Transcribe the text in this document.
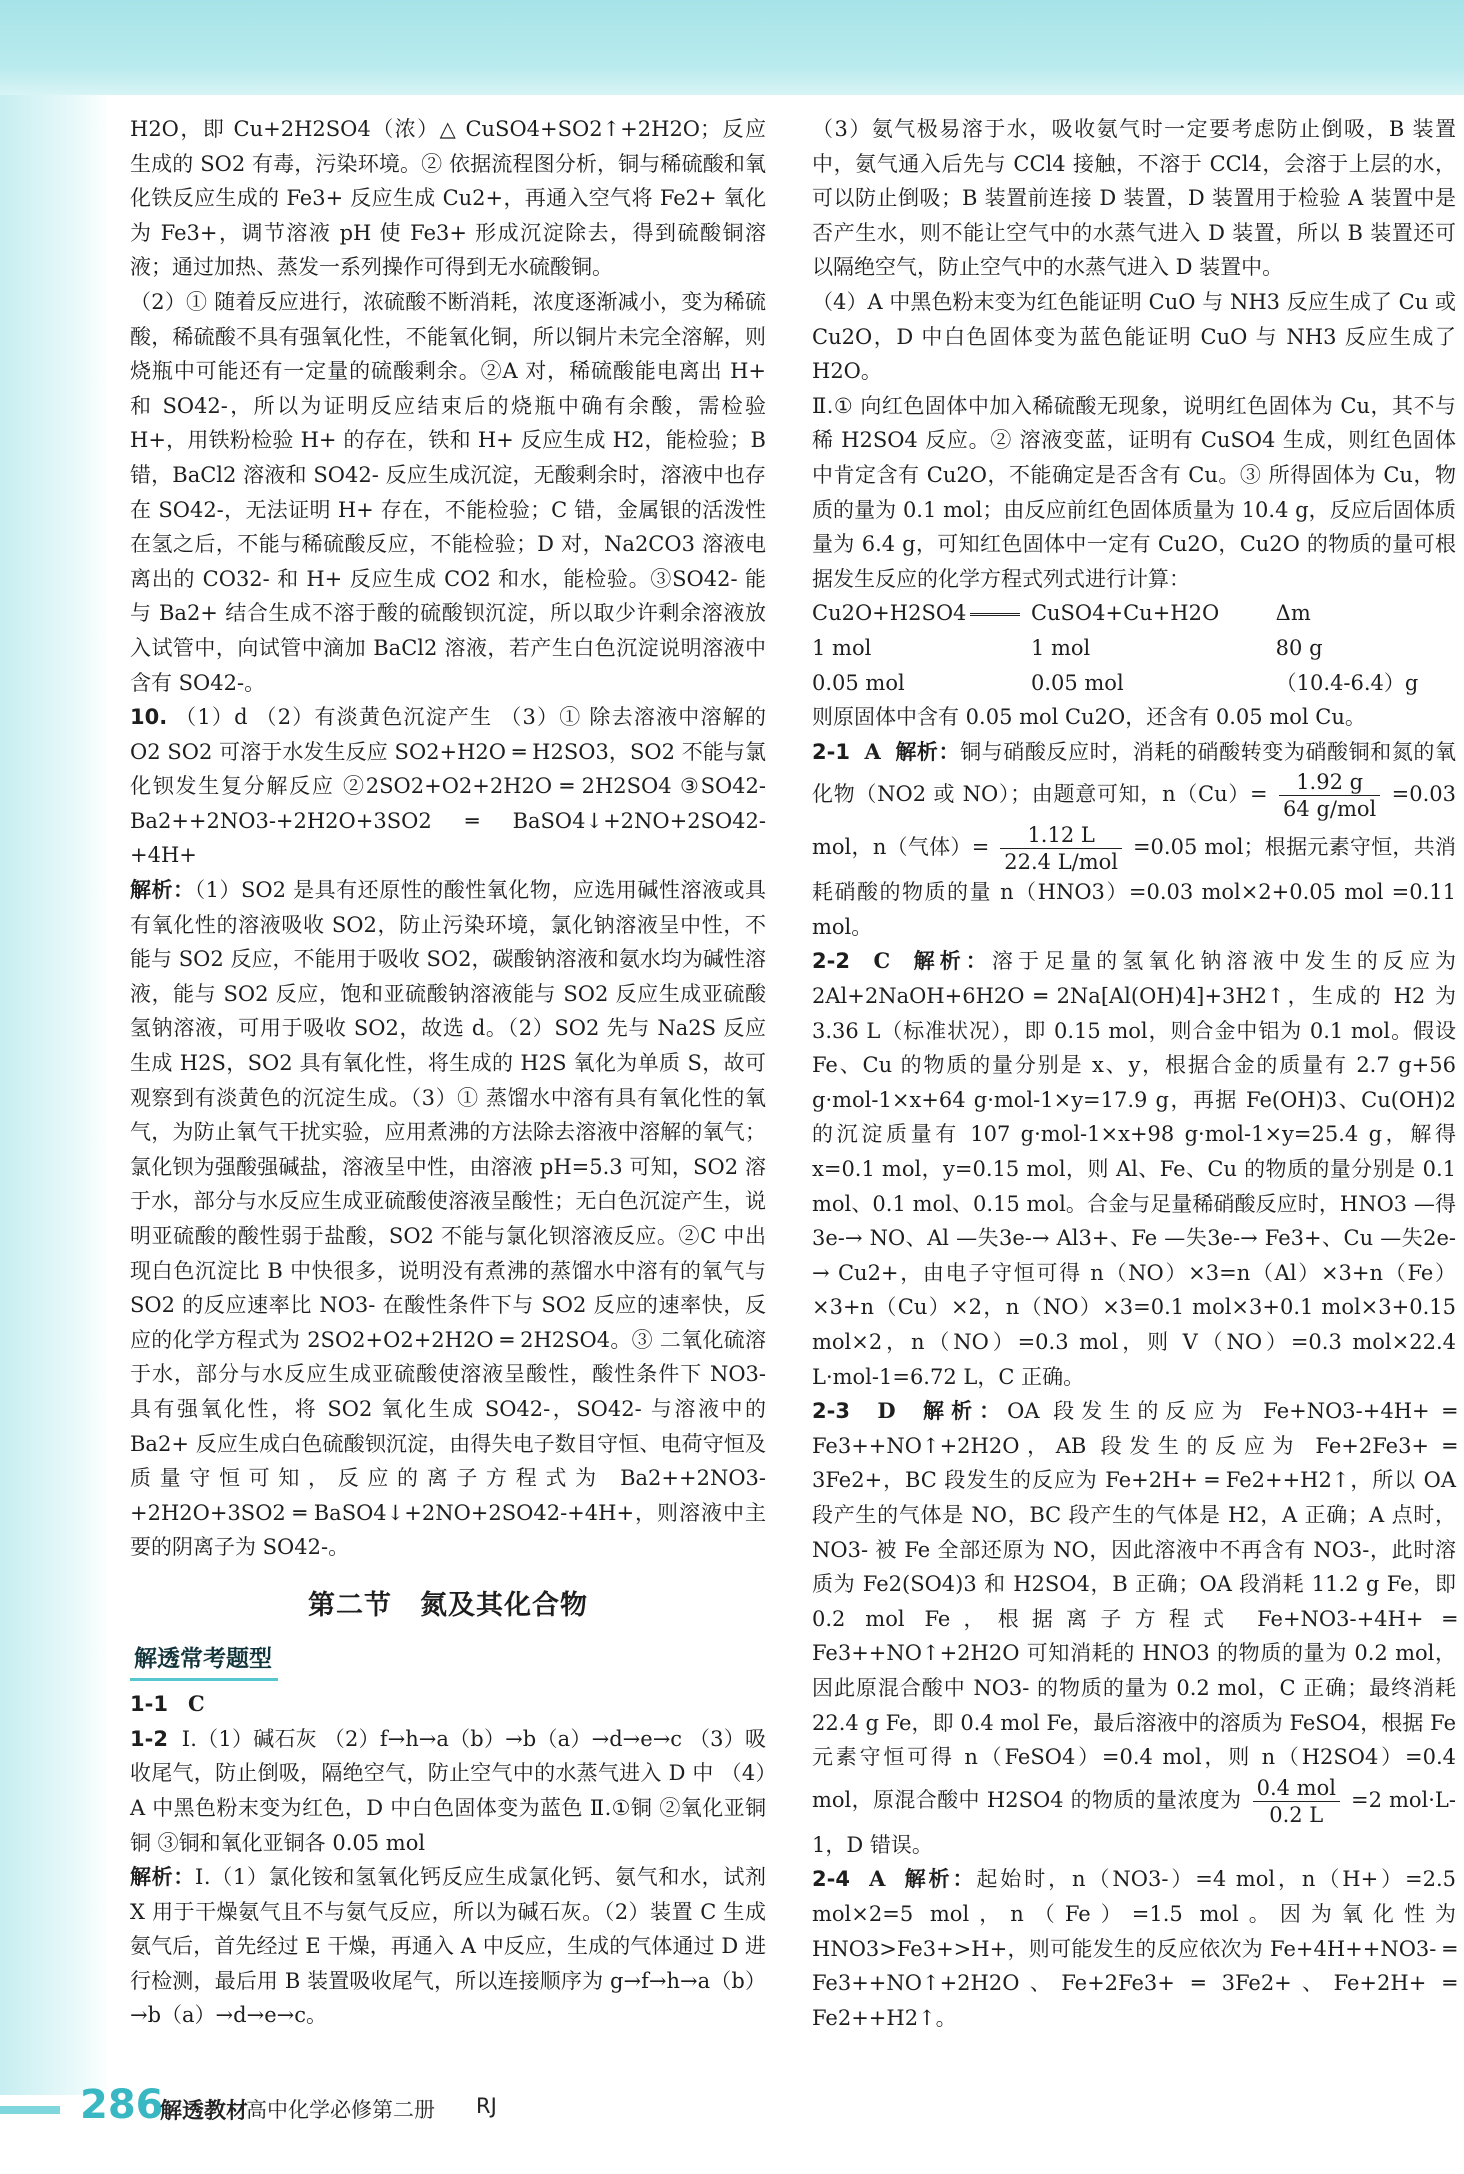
H2O，即 Cu+2H2SO4（浓）△ CuSO4+SO2↑+2H2O；反应生成的 SO2 有毒，污染环境。② 依据流程图分析，铜与稀硫酸和氧化铁反应生成的 Fe3+ 反应生成 Cu2+，再通入空气将 Fe2+ 氧化为 Fe3+，调节溶液 pH 使 Fe3+ 形成沉淀除去，得到硫酸铜溶液；通过加热、蒸发一系列操作可得到无水硫酸铜。

（2）① 随着反应进行，浓硫酸不断消耗，浓度逐渐减小，变为稀硫酸，稀硫酸不具有强氧化性，不能氧化铜，所以铜片未完全溶解，则烧瓶中可能还有一定量的硫酸剩余。②A 对，稀硫酸能电离出 H+ 和 SO42-，所以为证明反应结束后的烧瓶中确有余酸，需检验 H+，用铁粉检验 H+ 的存在，铁和 H+ 反应生成 H2，能检验；B 错，BaCl2 溶液和 SO42- 反应生成沉淀，无酸剩余时，溶液中也存在 SO42-，无法证明 H+ 存在，不能检验；C 错，金属银的活泼性在氢之后，不能与稀硫酸反应，不能检验；D 对，Na2CO3 溶液电离出的 CO32- 和 H+ 反应生成 CO2 和水，能检验。③SO42- 能与 Ba2+ 结合生成不溶于酸的硫酸钡沉淀，所以取少许剩余溶液放入试管中，向试管中滴加 BaCl2 溶液，若产生白色沉淀说明溶液中含有 SO42-。

10. （1）d （2）有淡黄色沉淀产生 （3）① 除去溶液中溶解的 O2 SO2 可溶于水发生反应 SO2+H2O ═ H2SO3，SO2 不能与氯化钡发生复分解反应 ②2SO2+O2+2H2O ═ 2H2SO4 ③SO42- Ba2++2NO3-+2H2O+3SO2 ═ BaSO4↓+2NO+2SO42-+4H+

解析：（1）SO2 是具有还原性的酸性氧化物，应选用碱性溶液或具有氧化性的溶液吸收 SO2，防止污染环境，氯化钠溶液呈中性，不能与 SO2 反应，不能用于吸收 SO2，碳酸钠溶液和氨水均为碱性溶液，能与 SO2 反应，饱和亚硫酸钠溶液能与 SO2 反应生成亚硫酸氢钠溶液，可用于吸收 SO2，故选 d。（2）SO2 先与 Na2S 反应生成 H2S，SO2 具有氧化性，将生成的 H2S 氧化为单质 S，故可观察到有淡黄色的沉淀生成。（3）① 蒸馏水中溶有具有氧化性的氧气，为防止氧气干扰实验，应用煮沸的方法除去溶液中溶解的氧气；氯化钡为强酸强碱盐，溶液呈中性，由溶液 pH=5.3 可知，SO2 溶于水，部分与水反应生成亚硫酸使溶液呈酸性；无白色沉淀产生，说明亚硫酸的酸性弱于盐酸，SO2 不能与氯化钡溶液反应。②C 中出现白色沉淀比 B 中快很多，说明没有煮沸的蒸馏水中溶有的氧气与 SO2 的反应速率比 NO3- 在酸性条件下与 SO2 反应的速率快，反应的化学方程式为 2SO2+O2+2H2O ═ 2H2SO4。③ 二氧化硫溶于水，部分与水反应生成亚硫酸使溶液呈酸性，酸性条件下 NO3- 具有强氧化性，将 SO2 氧化生成 SO42-，SO42- 与溶液中的 Ba2+ 反应生成白色硫酸钡沉淀，由得失电子数目守恒、电荷守恒及质量守恒可知，反应的离子方程式为 Ba2++2NO3-+2H2O+3SO2 ═ BaSO4↓+2NO+2SO42-+4H+，则溶液中主要的阴离子为 SO42-。

第二节　氮及其化合物
解透常考题型

1-1 C

1-2 Ⅰ.（1）碱石灰 （2）f→h→a（b）→b（a）→d→e→c （3）吸收尾气，防止倒吸，隔绝空气，防止空气中的水蒸气进入 D 中 （4）A 中黑色粉末变为红色，D 中白色固体变为蓝色 Ⅱ.①铜 ②氧化亚铜 铜 ③铜和氧化亚铜各 0.05 mol

解析：Ⅰ.（1）氯化铵和氢氧化钙反应生成氯化钙、氨气和水，试剂 X 用于干燥氨气且不与氨气反应，所以为碱石灰。（2）装置 C 生成氨气后，首先经过 E 干燥，再通入 A 中反应，生成的气体通过 D 进行检测，最后用 B 装置吸收尾气，所以连接顺序为 g→f→h→a（b）→b（a）→d→e→c。

（3）氨气极易溶于水，吸收氨气时一定要考虑防止倒吸，B 装置中，氨气通入后先与 CCl4 接触，不溶于 CCl4，会溶于上层的水，可以防止倒吸；B 装置前连接 D 装置，D 装置用于检验 A 装置中是否产生水，则不能让空气中的水蒸气进入 D 装置，所以 B 装置还可以隔绝空气，防止空气中的水蒸气进入 D 装置中。

（4）A 中黑色粉末变为红色能证明 CuO 与 NH3 反应生成了 Cu 或 Cu2O，D 中白色固体变为蓝色能证明 CuO 与 NH3 反应生成了 H2O。

Ⅱ.① 向红色固体中加入稀硫酸无现象，说明红色固体为 Cu，其不与稀 H2SO4 反应。② 溶液变蓝，证明有 CuSO4 生成，则红色固体中肯定含有 Cu2O，不能确定是否含有 Cu。③ 所得固体为 Cu，物质的量为 0.1 mol；由反应前红色固体质量为 10.4 g，反应后固体质量为 6.4 g，可知红色固体中一定有 Cu2O，Cu2O 的物质的量可根据发生反应的化学方程式列式进行计算：

Cu2O+H2SO4	CuSO4+Cu+H2O	Δm
1 mol	1 mol	80 g
0.05 mol	0.05 mol	（10.4-6.4）g

则原固体中含有 0.05 mol Cu2O，还含有 0.05 mol Cu。

2-1 A 解析：铜与硝酸反应时，消耗的硝酸转变为硝酸铜和氮的氧化物（NO2 或 NO）；由题意可知，$n(Cu)= \frac{1.92 g}{\text{64 g/mol}} =0.03$ mol，n（气体）= $\frac{1.12 L}{\text{22.4 L/mol}} =0.05$ mol；根据元素守恒，共消耗硝酸的物质的量 n（HNO3）=0.03 mol×2+0.05 mol =0.11 mol。

2-2 C 解析：溶于足量的氢氧化钠溶液中发生的反应为 2Al+2NaOH+6H2O ═ 2Na[Al(OH)4]+3H2↑，生成的 H2 为 3.36 L（标准状况），即 0.15 mol，则合金中铝为 0.1 mol。假设 Fe、Cu 的物质的量分别是 x、y，根据合金的质量有 2.7 g+56 g·mol-1×x+64 g·mol-1×y=17.9 g，再据 Fe(OH)3、Cu(OH)2 的沉淀质量有 107 g·mol-1×x+98 g·mol-1×y=25.4 g，解得 x=0.1 mol，y=0.15 mol，则 Al、Fe、Cu 的物质的量分别是 0.1 mol、0.1 mol、0.15 mol。合金与足量稀硝酸反应时，HNO3 —得3e-→ NO、Al —失3e-→ Al3+、Fe —失3e-→ Fe3+、Cu —失2e-→ Cu2+，由电子守恒可得 n（NO）×3=n（Al）×3+n（Fe）×3+n（Cu）×2，n（NO）×3=0.1 mol×3+0.1 mol×3+0.15 mol×2，n（NO）=0.3 mol，则 V（NO）=0.3 mol×22.4 L·mol-1=6.72 L，C 正确。

2-3 D 解析：OA 段发生的反应为 Fe+NO3-+4H+ ═ Fe3++NO↑+2H2O，AB 段发生的反应为 Fe+2Fe3+ ═ 3Fe2+，BC 段发生的反应为 Fe+2H+ ═ Fe2++H2↑，所以 OA 段产生的气体是 NO，BC 段产生的气体是 H2，A 正确；A 点时，NO3- 被 Fe 全部还原为 NO，因此溶液中不再含有 NO3-，此时溶质为 Fe2(SO4)3 和 H2SO4，B 正确；OA 段消耗 11.2 g Fe，即 0.2 mol Fe，根据离子方程式 Fe+NO3-+4H+ ═ Fe3++NO↑+2H2O 可知消耗的 HNO3 的物质的量为 0.2 mol，因此原混合酸中 NO3- 的物质的量为 0.2 mol，C 正确；最终消耗 22.4 g Fe，即 0.4 mol Fe，最后溶液中的溶质为 FeSO4，根据 Fe 元素守恒可得 n（FeSO4）=0.4 mol，则 n（H2SO4）=0.4 mol，原混合酸中 H2SO4 的物质的量浓度为 $\frac{\text{0.4 mol}}{0.2 L} =2$ mol·L-1，D 错误。

2-4 A 解析：起始时，n（NO3-）=4 mol，n（H+）=2.5 mol×2=5 mol，n（Fe）=1.5 mol。因为氧化性为 HNO3>Fe3+>H+，则可能发生的反应依次为 Fe+4H++NO3- ═ Fe3++NO↑+2H2O、Fe+2Fe3+ ═ 3Fe2+、Fe+2H+ ═ Fe2++H2↑。

286
解透教材
高中化学必修第二册 RJ
